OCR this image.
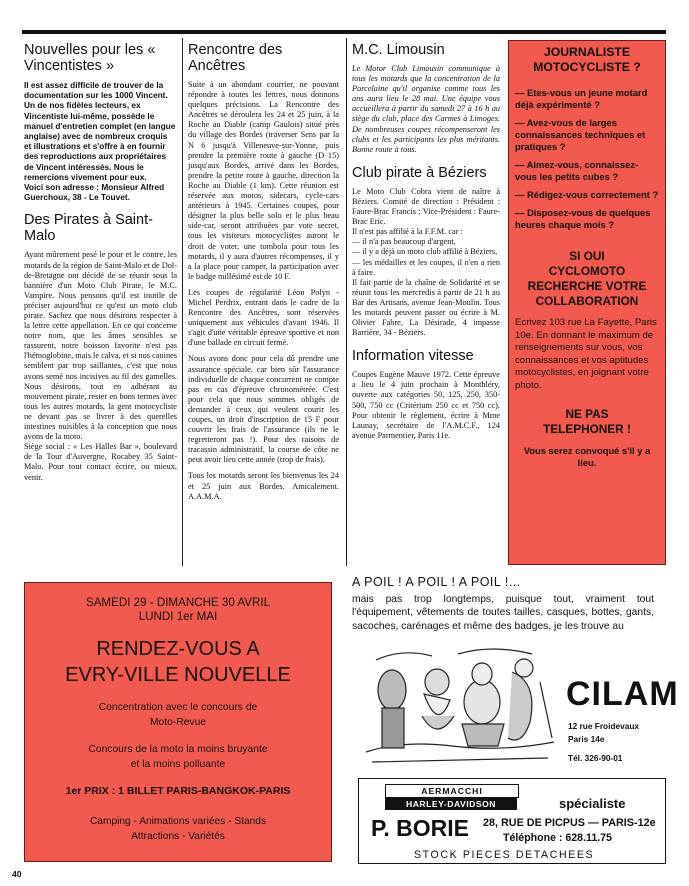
Nouvelles pour les « Vincentistes »

Il est assez difficile de trouver de la documentation sur les 1000 Vincent. Un de nos fidèles lecteurs, ex Vincentiste lui-même, possède le manuel d'entretien complet (en langue anglaise) avec de nombreux croquis et illustrations et s'offre à en fournir des reproductions aux propriétaires de Vincent intéressés. Nous le remercions vivement pour eux.

Voici son adresse : Monsieur Alfred Guerchoux, 38 - Le Touvet.

Des Pirates à Saint-Malo

Ayant mûrement pesé le pour et le contre, les motards de la région de Saint-Malo et de Dol-de-Bretagne ont décidé de se réunir sous la bannière d'un Moto Club Pirate, le M.C. Vampire. Nous pensons qu'il est inutile de préciser aujourd'hui ce qu'est un moto club pirate. Sachez que nous désirons respecter à la lettre cette appellation. En ce qui concerne notre nom, que les âmes sensibles se rassurent, notre boisson favorite n'est pas l'hémoglobine, mais le calva, et si nos canines semblent par trop saillantes, c'est que nous avons semé nos incisives au fil des gamelles. Nous désirons, tout en adhérant au mouvement pirate, rester en bons termes avec tous les autres motards, la gent motocycliste ne devant pas se livrer à des querelles intestines nuisibles à la conception que nous avons de la moto.

Siège social : « Les Halles Bar », boulevard de la Tour d'Auvergne, Rocabey 35 Saint-Malo. Pour tout contact écrire, ou mieux, venir.

Rencontre des Ancêtres

Suite à un abondant courrier, ne pouvant répondre à toutes les lettres, nous donnons quelques précisions. La Rencontre des Ancêtres se déroulera les 24 et 25 juin, à la Roche au Diable (camp Gaulois) situé près du village des Bordes (traverser Sens par la N 6 jusqu'à Villeneuve-sur-Yonne, puis prendre la première route à gauche (D 15) jusqu'aux Bordes, arrivé dans les Bordes, prendre la petite route à gauche, direction la Roche au Diable (1 km). Cette réunion est réservée aux motos, sidecars, cycle-cars antérieurs à 1945. Certaines coupes, pour désigner la plus belle solo et le plus beau side-car, seront attribuées par vote secret, tous les visiteurs motocyclistes auront le droit de voter, une tombola pour tous les motards, il y aura d'autres récompenses, il y a la place pour camper, la participation avec le badge millésimé est de 10 F.

Les coupes de régularité Léon Polyn - Michel Perdrix, entrant dans le cadre de la Rencontre des Ancêtres, sont réservées uniquement aux véhicules d'avant 1946. Il s'agit d'une véritable épreuve sportive et non d'une ballade en circuit fermé.

Nous avons donc pour cela dû prendre une assurance spéciale, car bien sûr l'assurance individuelle de chaque concurrent ne compte pas en cas d'épreuve chronométrée. C'est pour cela que nous sommes obligés de demander à ceux qui veulent courir les coupes, un droit d'inscription de 15 F pour couvrir les frais de l'assurance (ils ne le regretteront pas !). Pour des raisons de tracassin administratif, la course de côte ne peut avoir lieu cette année (trop de frais).

Tous les motards seront les bienvenus les 24 et 25 juin aux Bordes. Amicalement. A.A.M.A.

M.C. Limousin

Le Motor Club Limousin communique à tous les motards que la concentration de la Porcelaine qu'il organise comme tous les ans aura lieu le 28 mai. Une équipe vous accueillera à partir du samedi 27 à 16 h au siège du club, place des Carmes à Limoges. De nombreuses coupes récompenseront les clubs et les participants les plus méritants. Bonne route à tous.

Club pirate à Béziers

Le Moto Club Cobra vient de naître à Béziers. Comité de direction : Président : Faure-Brac Francis ; Vice-Président : Faure-Brac Eric.

Il n'est pas affilié à la F.F.M. car :

— il n'a pas beaucoup d'argent,

— il y a déjà un moto club affilié à Béziers,

— les médailles et les coupes, il n'en a rien à faire.

Il fait partie de la chaîne de Solidarité et se réunit tous les mercredis à partir de 21 h au Bar des Artisans, avenue Jean-Moulin. Tous les motards peuvent passer ou écrire à M. Olivier Fabre, La Désirade, 4 impasse Barrière, 34 - Béziers.

Information vitesse

Coupes Eugène Mauve 1972. Cette épreuve a lieu le 4 juin prochain à Monthléry, ouverte aux catégories 50, 125, 250, 350-500, 750 cc (Critérium 250 cc et 750 cc). Pour obtenir le règlement, écrire à Mme Launay, secrétaire de l'A.M.C.F., 124 avenue Parmentier, Paris 11e.

JOURNALISTE

MOTOCYCLISTE ?

— Etes-vous un jeune motard déjà expérimenté ?

— Avez-vous de larges connaissances techniques et pratiques ?

— Aimez-vous, connaissez-vous les petits cubes ?

— Rédigez-vous correctement ?

— Disposez-vous de quelques heures chaque mois ?

SI OUI

CYCLOMOTO

RECHERCHE VOTRE

COLLABORATION

Ecrivez 103 rue La Fayette, Paris 10e. En donnant le maximum de renseignements sur vous, vos connaissances et vos aptitudes motocyclistes, en joignant votre photo.

NE PAS

TELEPHONER !

Vous serez convoqué s'il y a lieu.

SAMEDI 29 - DIMANCHE 30 AVRIL

LUNDI 1er MAI

RENDEZ-VOUS A

EVRY-VILLE NOUVELLE

Concentration avec le concours de

Moto-Revue

Concours de la moto la moins bruyante

et la moins polluante

1er PRIX : 1 BILLET PARIS-BANGKOK-PARIS

Camping - Animations variées - Stands

Attractions - Variétés

A POIL ! A POIL ! A POIL !...

mais pas trop longtemps, puisque tout, vraiment tout l'équipement, vêtements de toutes tailles, casques, bottes, gants, sacoches, carénages et même des badges, je les trouve au

CILAM

12 rue Froidevaux

Paris 14e

Tél. 326-90-01

AERMACCHI
HARLEY-DAVIDSON	spécialiste
P. BORIE 28, RUE DE PICPUS — PARIS-12e
Téléphone : 628.11.75
STOCK PIECES DETACHEES
40
